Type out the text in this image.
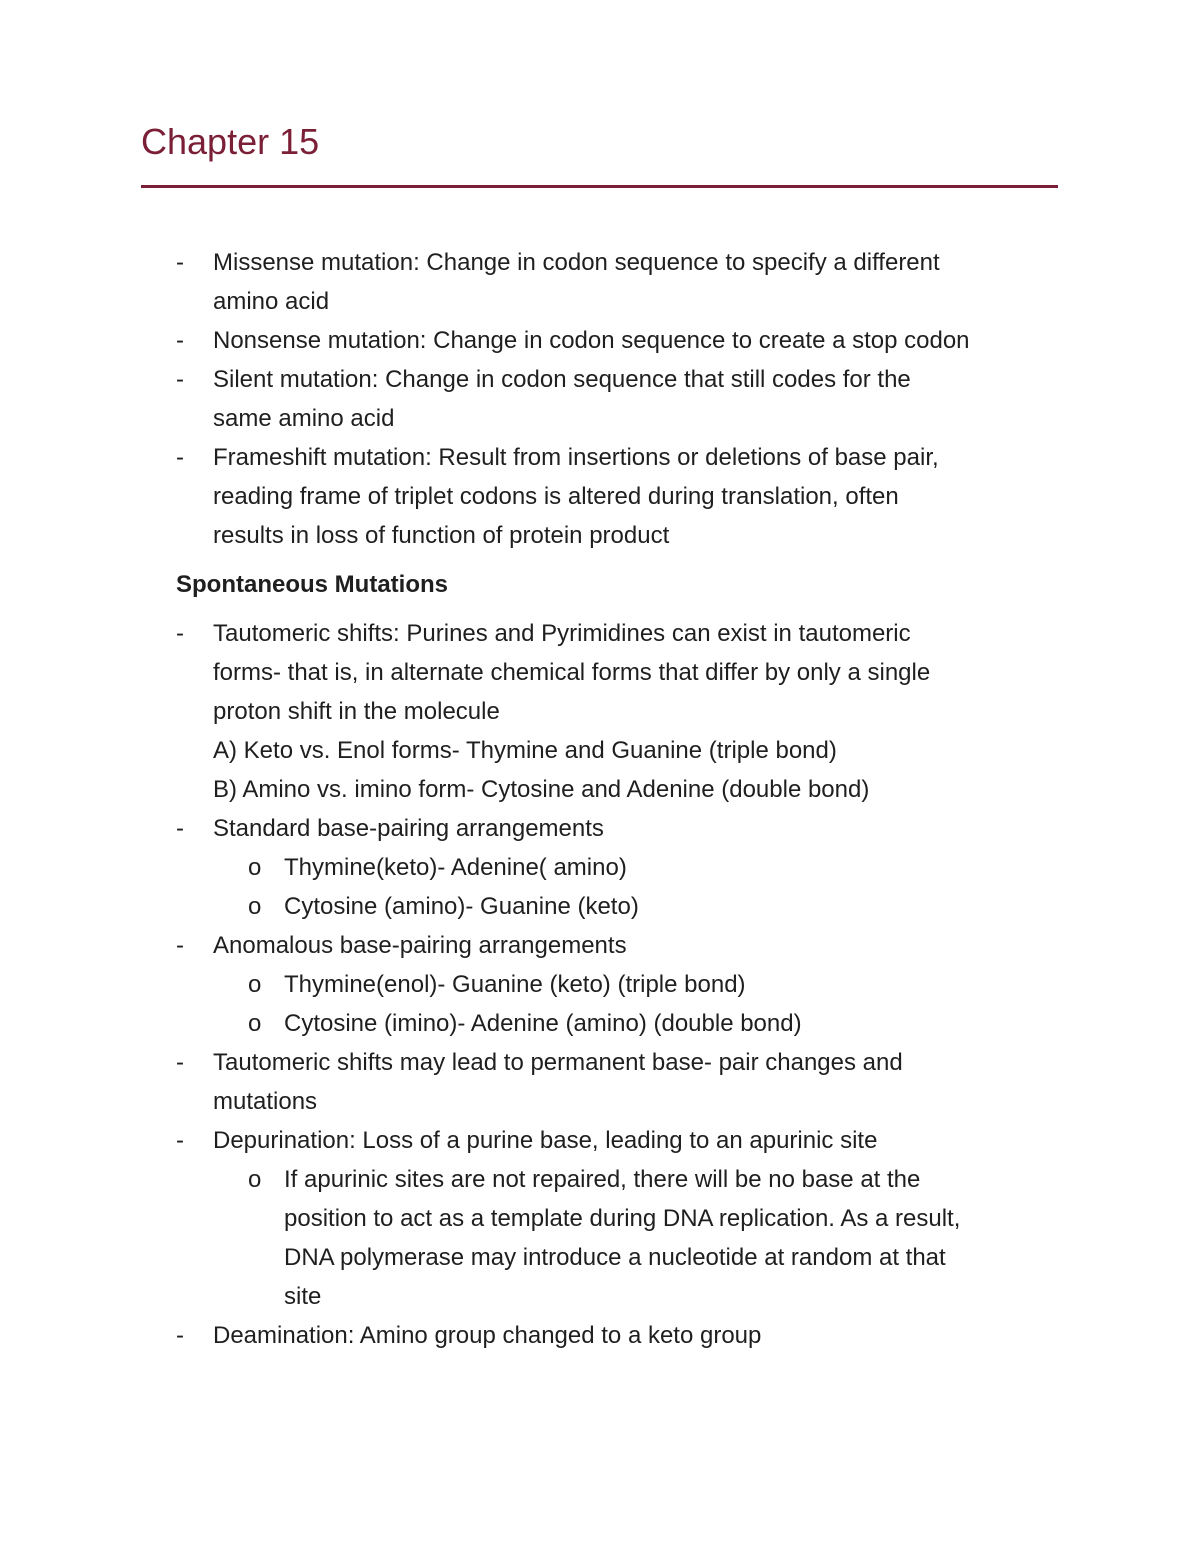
Chapter 15
- Missense mutation: Change in codon sequence to specify a different
amino acid
- Nonsense mutation: Change in codon sequence to create a stop codon
- Silent mutation: Change in codon sequence that still codes for the
same amino acid
- Frameshift mutation: Result from insertions or deletions of base pair,
reading frame of triplet codons is altered during translation, often
results in loss of function of protein product
Spontaneous Mutations
- Tautomeric shifts: Purines and Pyrimidines can exist in tautomeric
forms- that is, in alternate chemical forms that differ by only a single
proton shift in the molecule
A) Keto vs. Enol forms- Thymine and Guanine (triple bond)
B) Amino vs. imino form- Cytosine and Adenine (double bond)
- Standard base-pairing arrangements
o Thymine(keto)- Adenine( amino)
o Cytosine (amino)- Guanine (keto)
- Anomalous base-pairing arrangements
o Thymine(enol)- Guanine (keto) (triple bond)
o Cytosine (imino)- Adenine (amino) (double bond)
- Tautomeric shifts may lead to permanent base- pair changes and
mutations
- Depurination: Loss of a purine base, leading to an apurinic site
o If apurinic sites are not repaired, there will be no base at the
position to act as a template during DNA replication. As a result,
DNA polymerase may introduce a nucleotide at random at that
site
- Deamination: Amino group changed to a keto group
